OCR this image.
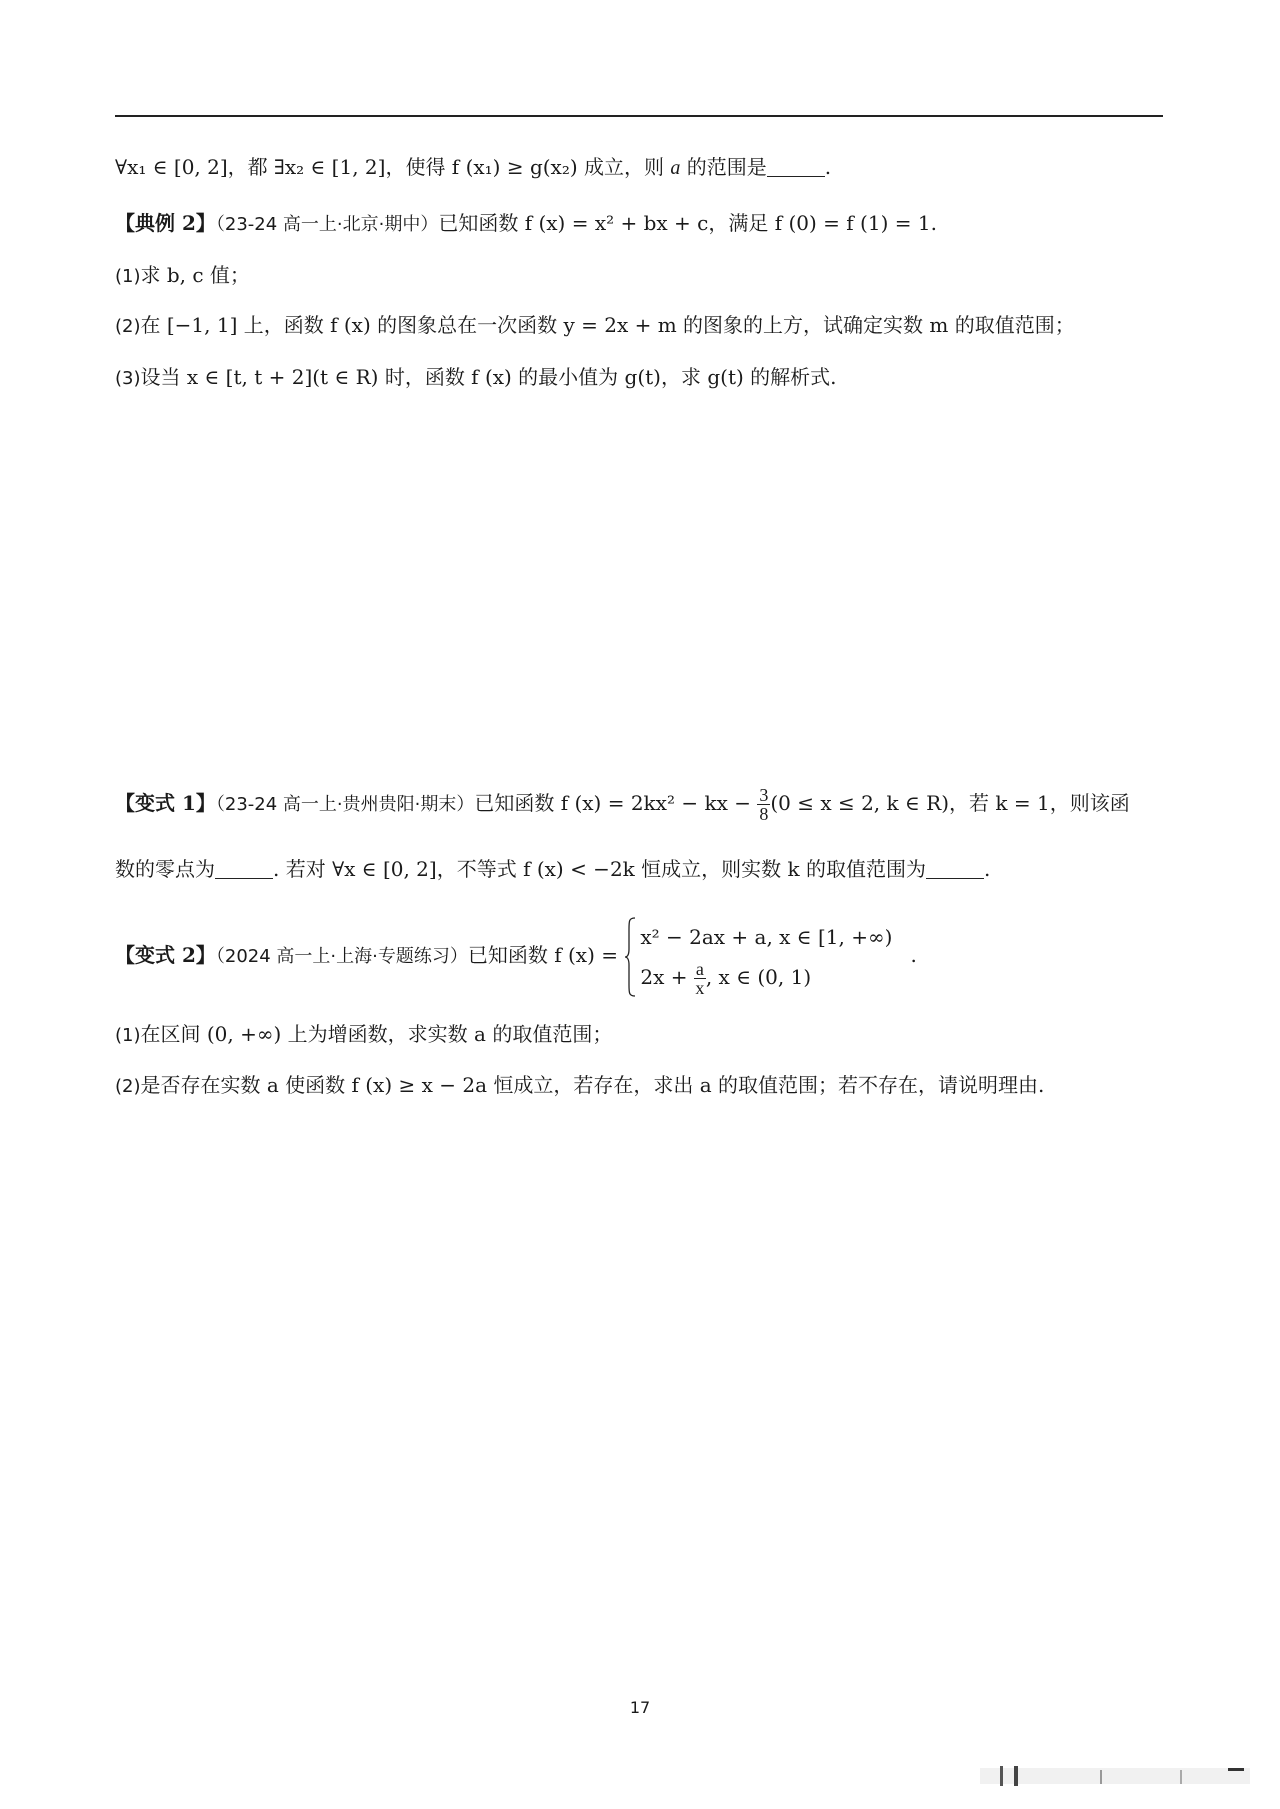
∀x₁ ∈ [0, 2]，都 ∃x₂ ∈ [1, 2]，使得 f (x₁) ≥ g(x₂) 成立，则 a 的范围是	.
【典例 2】（23-24 高一上·北京·期中）已知函数 f (x) = x² + bx + c，满足 f (0) = f (1) = 1.
(1)求 b, c 值；
(2)在 [−1, 1] 上，函数 f (x) 的图象总在一次函数 y = 2x + m 的图象的上方，试确定实数 m 的取值范围；
(3)设当 x ∈ [t, t + 2](t ∈ R) 时，函数 f (x) 的最小值为 g(t)，求 g(t) 的解析式.
【变式 1】（23-24 高一上·贵州贵阳·期末）已知函数 f (x) = 2kx² − kx − $\frac{3}{8} (0 \le x \le 2$, k ∈ R)，若 k = 1，则该函
数的零点为	. 若对 ∀x ∈ [0, 2]，不等式 f (x) < −2k 恒成立，则实数 k 的取值范围为	.
【变式 2】（2024 高一上·上海·专题练习）已知函数 f (x) =
x² − 2ax + a, x ∈ [1, +∞)
$2x + \frac{a}{x}$ , x ∈ (0, 1)
.
(1)在区间 (0, +∞) 上为增函数，求实数 a 的取值范围；
(2)是否存在实数 a 使函数 f (x) ≥ x − 2a 恒成立，若存在，求出 a 的取值范围；若不存在，请说明理由.
17
